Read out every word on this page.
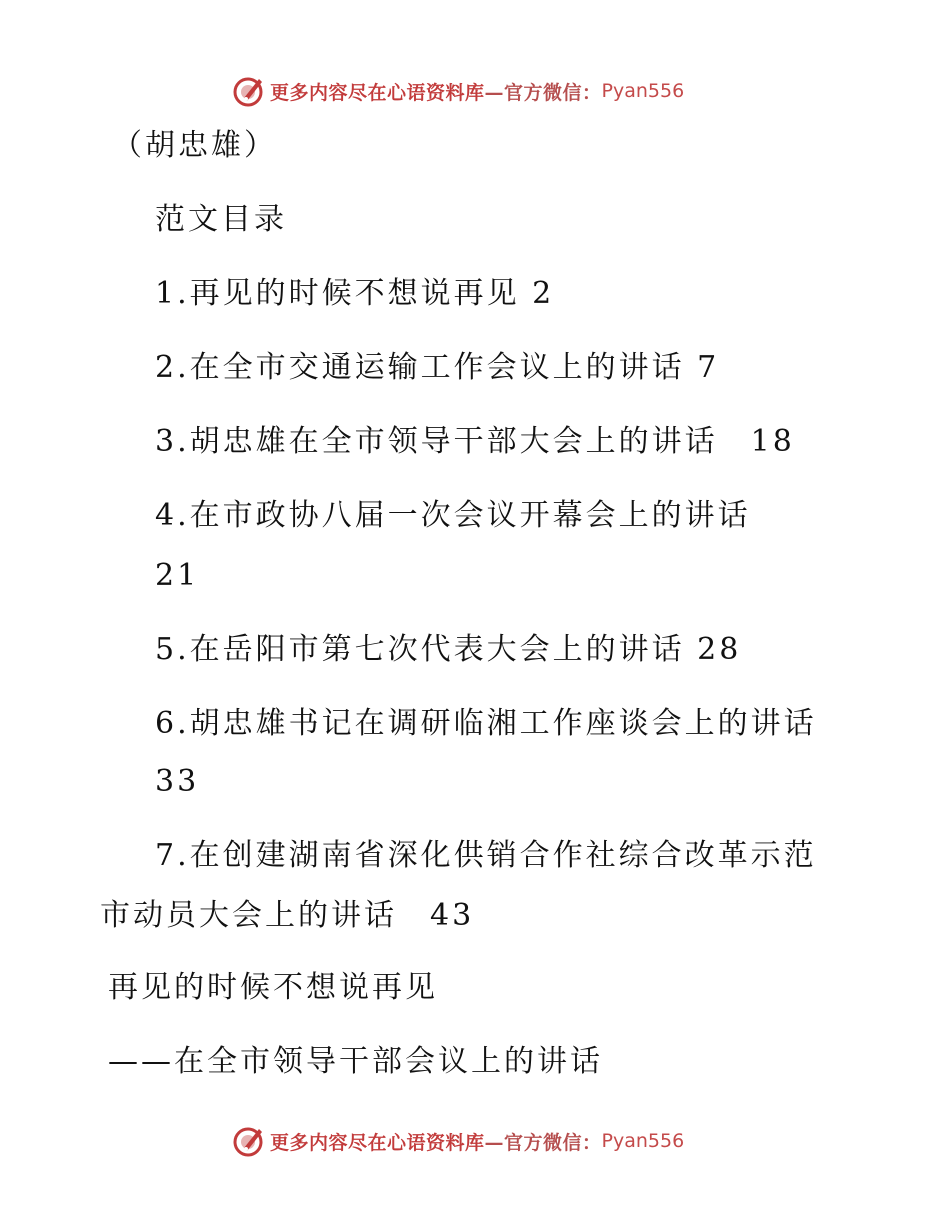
更多内容尽在心语资料库 —官方微信： Pyan556
（胡忠雄）
范文目录
1.再见的时候不想说再见 2
2.在全市交通运输工作会议上的讲话 7
3.胡忠雄在全市领导干部大会上的讲话　18
4.在市政协八届一次会议开幕会上的讲话
21
5.在岳阳市第七次代表大会上的讲话 28
6.胡忠雄书记在调研临湘工作座谈会上的讲话
33
7.在创建湖南省深化供销合作社综合改革示范
市动员大会上的讲话　43
再见的时候不想说再见
——在全市领导干部会议上的讲话
更多内容尽在心语资料库 —官方微信： Pyan556
